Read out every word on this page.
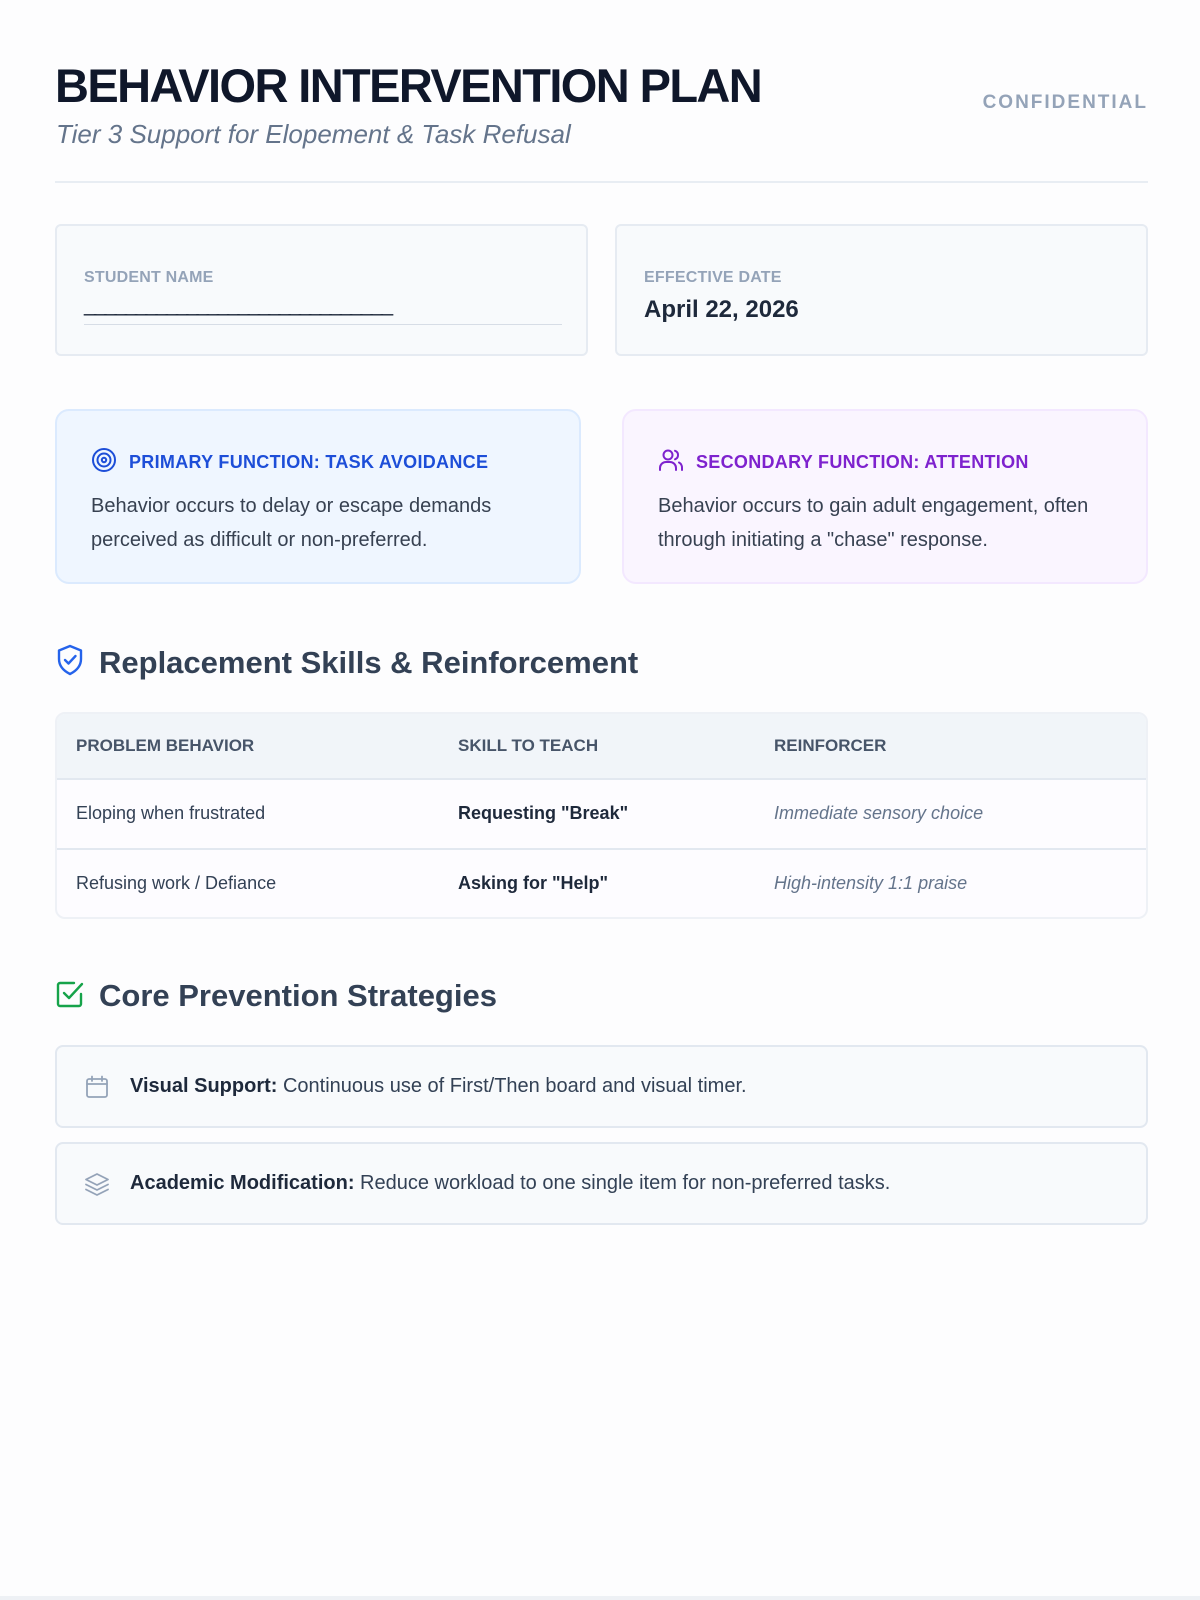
BEHAVIOR INTERVENTION PLAN
Tier 3 Support for Elopement & Task Refusal
CONFIDENTIAL
STUDENT NAME
______________________________
EFFECTIVE DATE
April 22, 2026
PRIMARY FUNCTION: TASK AVOIDANCE
Behavior occurs to delay or escape demands perceived as difficult or non-preferred.
SECONDARY FUNCTION: ATTENTION
Behavior occurs to gain adult engagement, often through initiating a "chase" response.
Replacement Skills & Reinforcement
PROBLEM BEHAVIOR	SKILL TO TEACH	REINFORCER
Eloping when frustrated	Requesting "Break"	Immediate sensory choice
Refusing work / Defiance	Asking for "Help"	High-intensity 1:1 praise
Core Prevention Strategies
Visual Support: Continuous use of First/Then board and visual timer.
Academic Modification: Reduce workload to one single item for non-preferred tasks.
